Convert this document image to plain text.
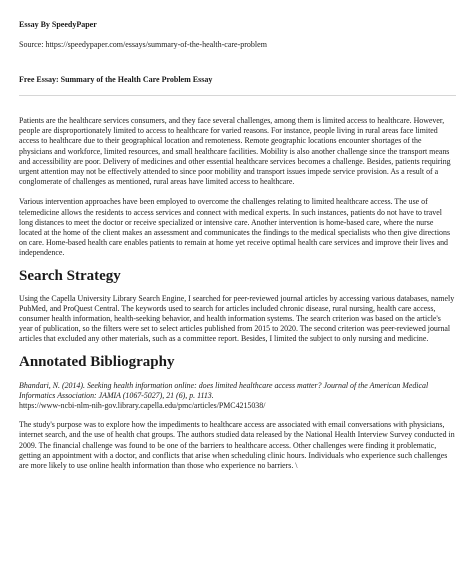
Essay By SpeedyPaper

Source: https://speedypaper.com/essays/summary-of-the-health-care-problem

Free Essay: Summary of the Health Care Problem Essay

Patients are the healthcare services consumers, and they face several challenges, among them is limited access to healthcare. However, people are disproportionately limited to access to healthcare for varied reasons. For instance, people living in rural areas face limited access to healthcare due to their geographical location and remoteness. Remote geographic locations encounter shortages of the physicians and workforce, limited resources, and small healthcare facilities. Mobility is also another challenge since the transport means and accessibility are poor. Delivery of medicines and other essential healthcare services becomes a challenge. Besides, patients requiring urgent attention may not be effectively attended to since poor mobility and transport issues impede service provision. As a result of a conglomerate of challenges as mentioned, rural areas have limited access to healthcare.

Various intervention approaches have been employed to overcome the challenges relating to limited healthcare access. The use of telemedicine allows the residents to access services and connect with medical experts. In such instances, patients do not have to travel long distances to meet the doctor or receive specialized or intensive care. Another intervention is home-based care, where the nurse located at the home of the client makes an assessment and communicates the findings to the medical specialists who then give directions on care. Home-based health care enables patients to remain at home yet receive optimal health care services and improve their lives and independence.

Search Strategy

Using the Capella University Library Search Engine, I searched for peer-reviewed journal articles by accessing various databases, namely PubMed, and ProQuest Central. The keywords used to search for articles included chronic disease, rural nursing, health care access, consumer health information, health-seeking behavior, and health information systems. The search criterion was based on the article's year of publication, so the filters were set to select articles published from 2015 to 2020. The second criterion was peer-reviewed journal articles that excluded any other materials, such as a committee report. Besides, I limited the subject to only nursing and medicine.

Annotated Bibliography

Bhandari, N. (2014). Seeking health information online: does limited healthcare access matter? Journal of the American Medical Informatics Association: JAMIA (1067-5027), 21 (6), p. 1113.
https://www-ncbi-nlm-nih-gov.library.capella.edu/pmc/articles/PMC4215038/

The study's purpose was to explore how the impediments to healthcare access are associated with email conversations with physicians, internet search, and the use of health chat groups. The authors studied data released by the National Health Interview Survey conducted in 2009. The financial challenge was found to be one of the barriers to healthcare access. Other challenges were finding it problematic, getting an appointment with a doctor, and conflicts that arise when scheduling clinic hours. Individuals who experience such challenges are more likely to use online health information than those who experience no barriers. \
